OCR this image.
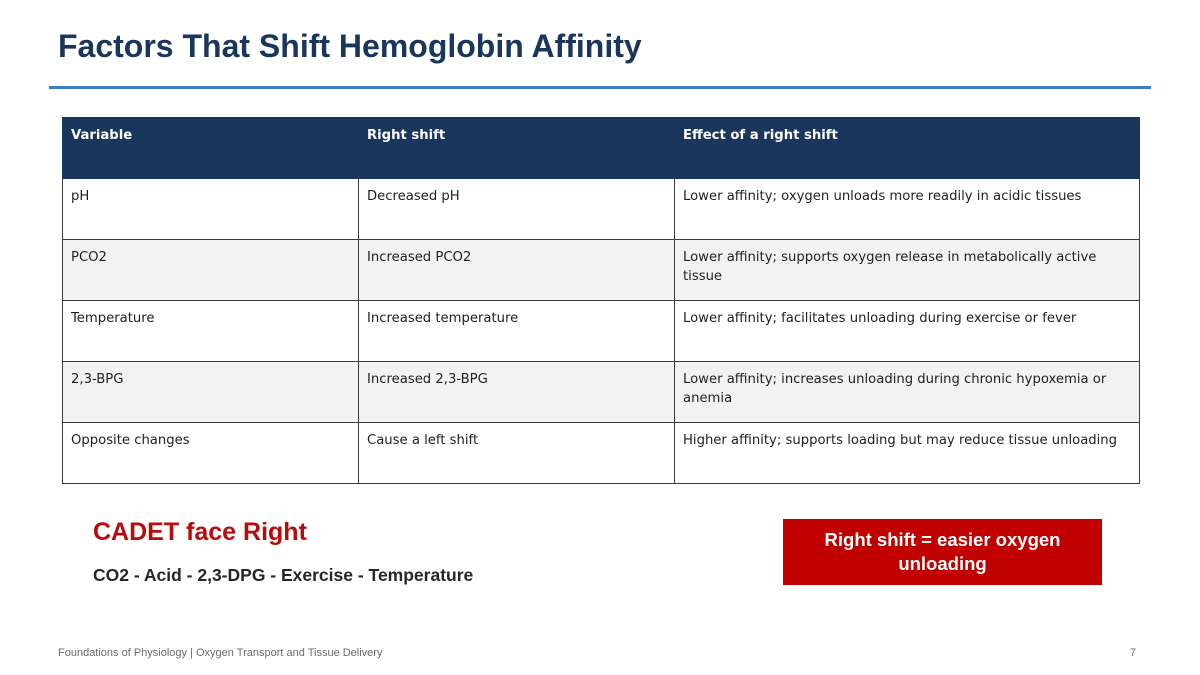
Factors That Shift Hemoglobin Affinity
Variable	Right shift	Effect of a right shift
pH	Decreased pH	Lower affinity; oxygen unloads more readily in acidic tissues
PCO2	Increased PCO2	Lower affinity; supports oxygen release in metabolically active tissue
Temperature	Increased temperature	Lower affinity; facilitates unloading during exercise or fever
2,3-BPG	Increased 2,3-BPG	Lower affinity; increases unloading during chronic hypoxemia or anemia
Opposite changes	Cause a left shift	Higher affinity; supports loading but may reduce tissue unloading
CADET face Right
CO2 - Acid - 2,3-DPG - Exercise - Temperature
Right shift = easier oxygen unloading
Foundations of Physiology | Oxygen Transport and Tissue Delivery	7
